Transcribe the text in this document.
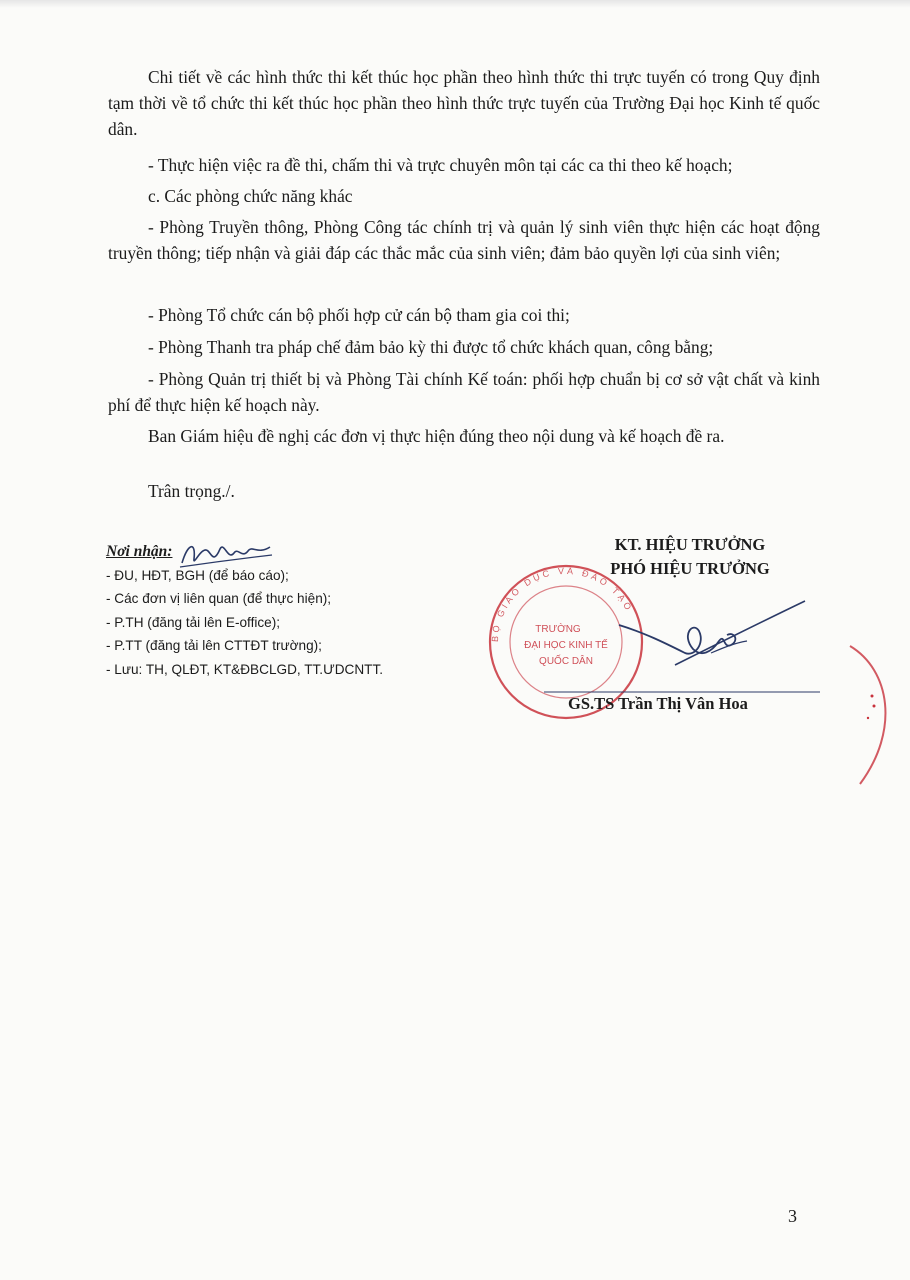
Chi tiết về các hình thức thi kết thúc học phần theo hình thức thi trực tuyến có trong Quy định tạm thời về tổ chức thi kết thúc học phần theo hình thức trực tuyến của Trường Đại học Kinh tế quốc dân.

- Thực hiện việc ra đề thi, chấm thi và trực chuyên môn tại các ca thi theo kế hoạch;

c. Các phòng chức năng khác

- Phòng Truyền thông, Phòng Công tác chính trị và quản lý sinh viên thực hiện các hoạt động truyền thông; tiếp nhận và giải đáp các thắc mắc của sinh viên; đảm bảo quyền lợi của sinh viên;

- Phòng Tổ chức cán bộ phối hợp cử cán bộ tham gia coi thi;

- Phòng Thanh tra pháp chế đảm bảo kỳ thi được tổ chức khách quan, công bằng;

- Phòng Quản trị thiết bị và Phòng Tài chính Kế toán: phối hợp chuẩn bị cơ sở vật chất và kinh phí để thực hiện kế hoạch này.

Ban Giám hiệu đề nghị các đơn vị thực hiện đúng theo nội dung và kế hoạch đề ra.

Trân trọng./.

Nơi nhận:
- ĐU, HĐT, BGH (để báo cáo);
- Các đơn vị liên quan (để thực hiện);
- P.TH (đăng tải lên E-office);
- P.TT (đăng tải lên CTTĐT trường);
- Lưu: TH, QLĐT, KT&ĐBCLGD, TT.ƯDCNTT.
KT. HIỆU TRƯỞNG
PHÓ HIỆU TRƯỞNG
BỘ GIÁO DỤC VÀ ĐÀO TẠO
TRƯỜNG
ĐẠI HỌC KINH TẾ
QUỐC DÂN
GS.TS Trần Thị Vân Hoa
3
